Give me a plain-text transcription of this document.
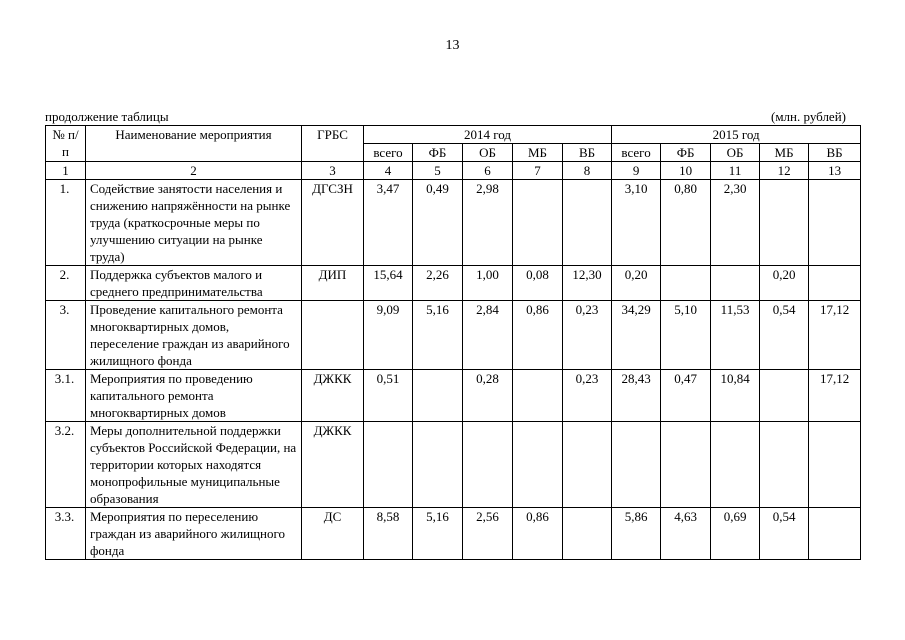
13
продолжение таблицы	(млн. рублей)
№ п/п	Наименование мероприятия	ГРБС	2014 год					2015 год				
			всего	ФБ	ОБ	МБ	ВБ	всего	ФБ	ОБ	МБ	ВБ
1	2	3	4	5	6	7	8	9	10	11	12	13
1.	Содействие занятости населения и снижению напряжённости на рынке труда (краткосрочные меры по улучшению ситуации на рынке труда)	ДГСЗН	3,47	0,49	2,98			3,10	0,80	2,30		
2.	Поддержка субъектов малого и среднего предпринимательства	ДИП	15,64	2,26	1,00	0,08	12,30	0,20			0,20	
3.	Проведение капитального ремонта многоквартирных домов, переселение граждан из аварийного жилищного фонда		9,09	5,16	2,84	0,86	0,23	34,29	5,10	11,53	0,54	17,12
3.1.	Мероприятия по проведению капитального ремонта многоквартирных домов	ДЖКК	0,51		0,28		0,23	28,43	0,47	10,84		17,12
3.2.	Меры дополнительной поддержки субъектов Российской Федерации, на территории которых находятся монопрофильные муниципальные образования	ДЖКК										
3.3.	Мероприятия по переселению граждан из аварийного жилищного фонда	ДС	8,58	5,16	2,56	0,86		5,86	4,63	0,69	0,54	
